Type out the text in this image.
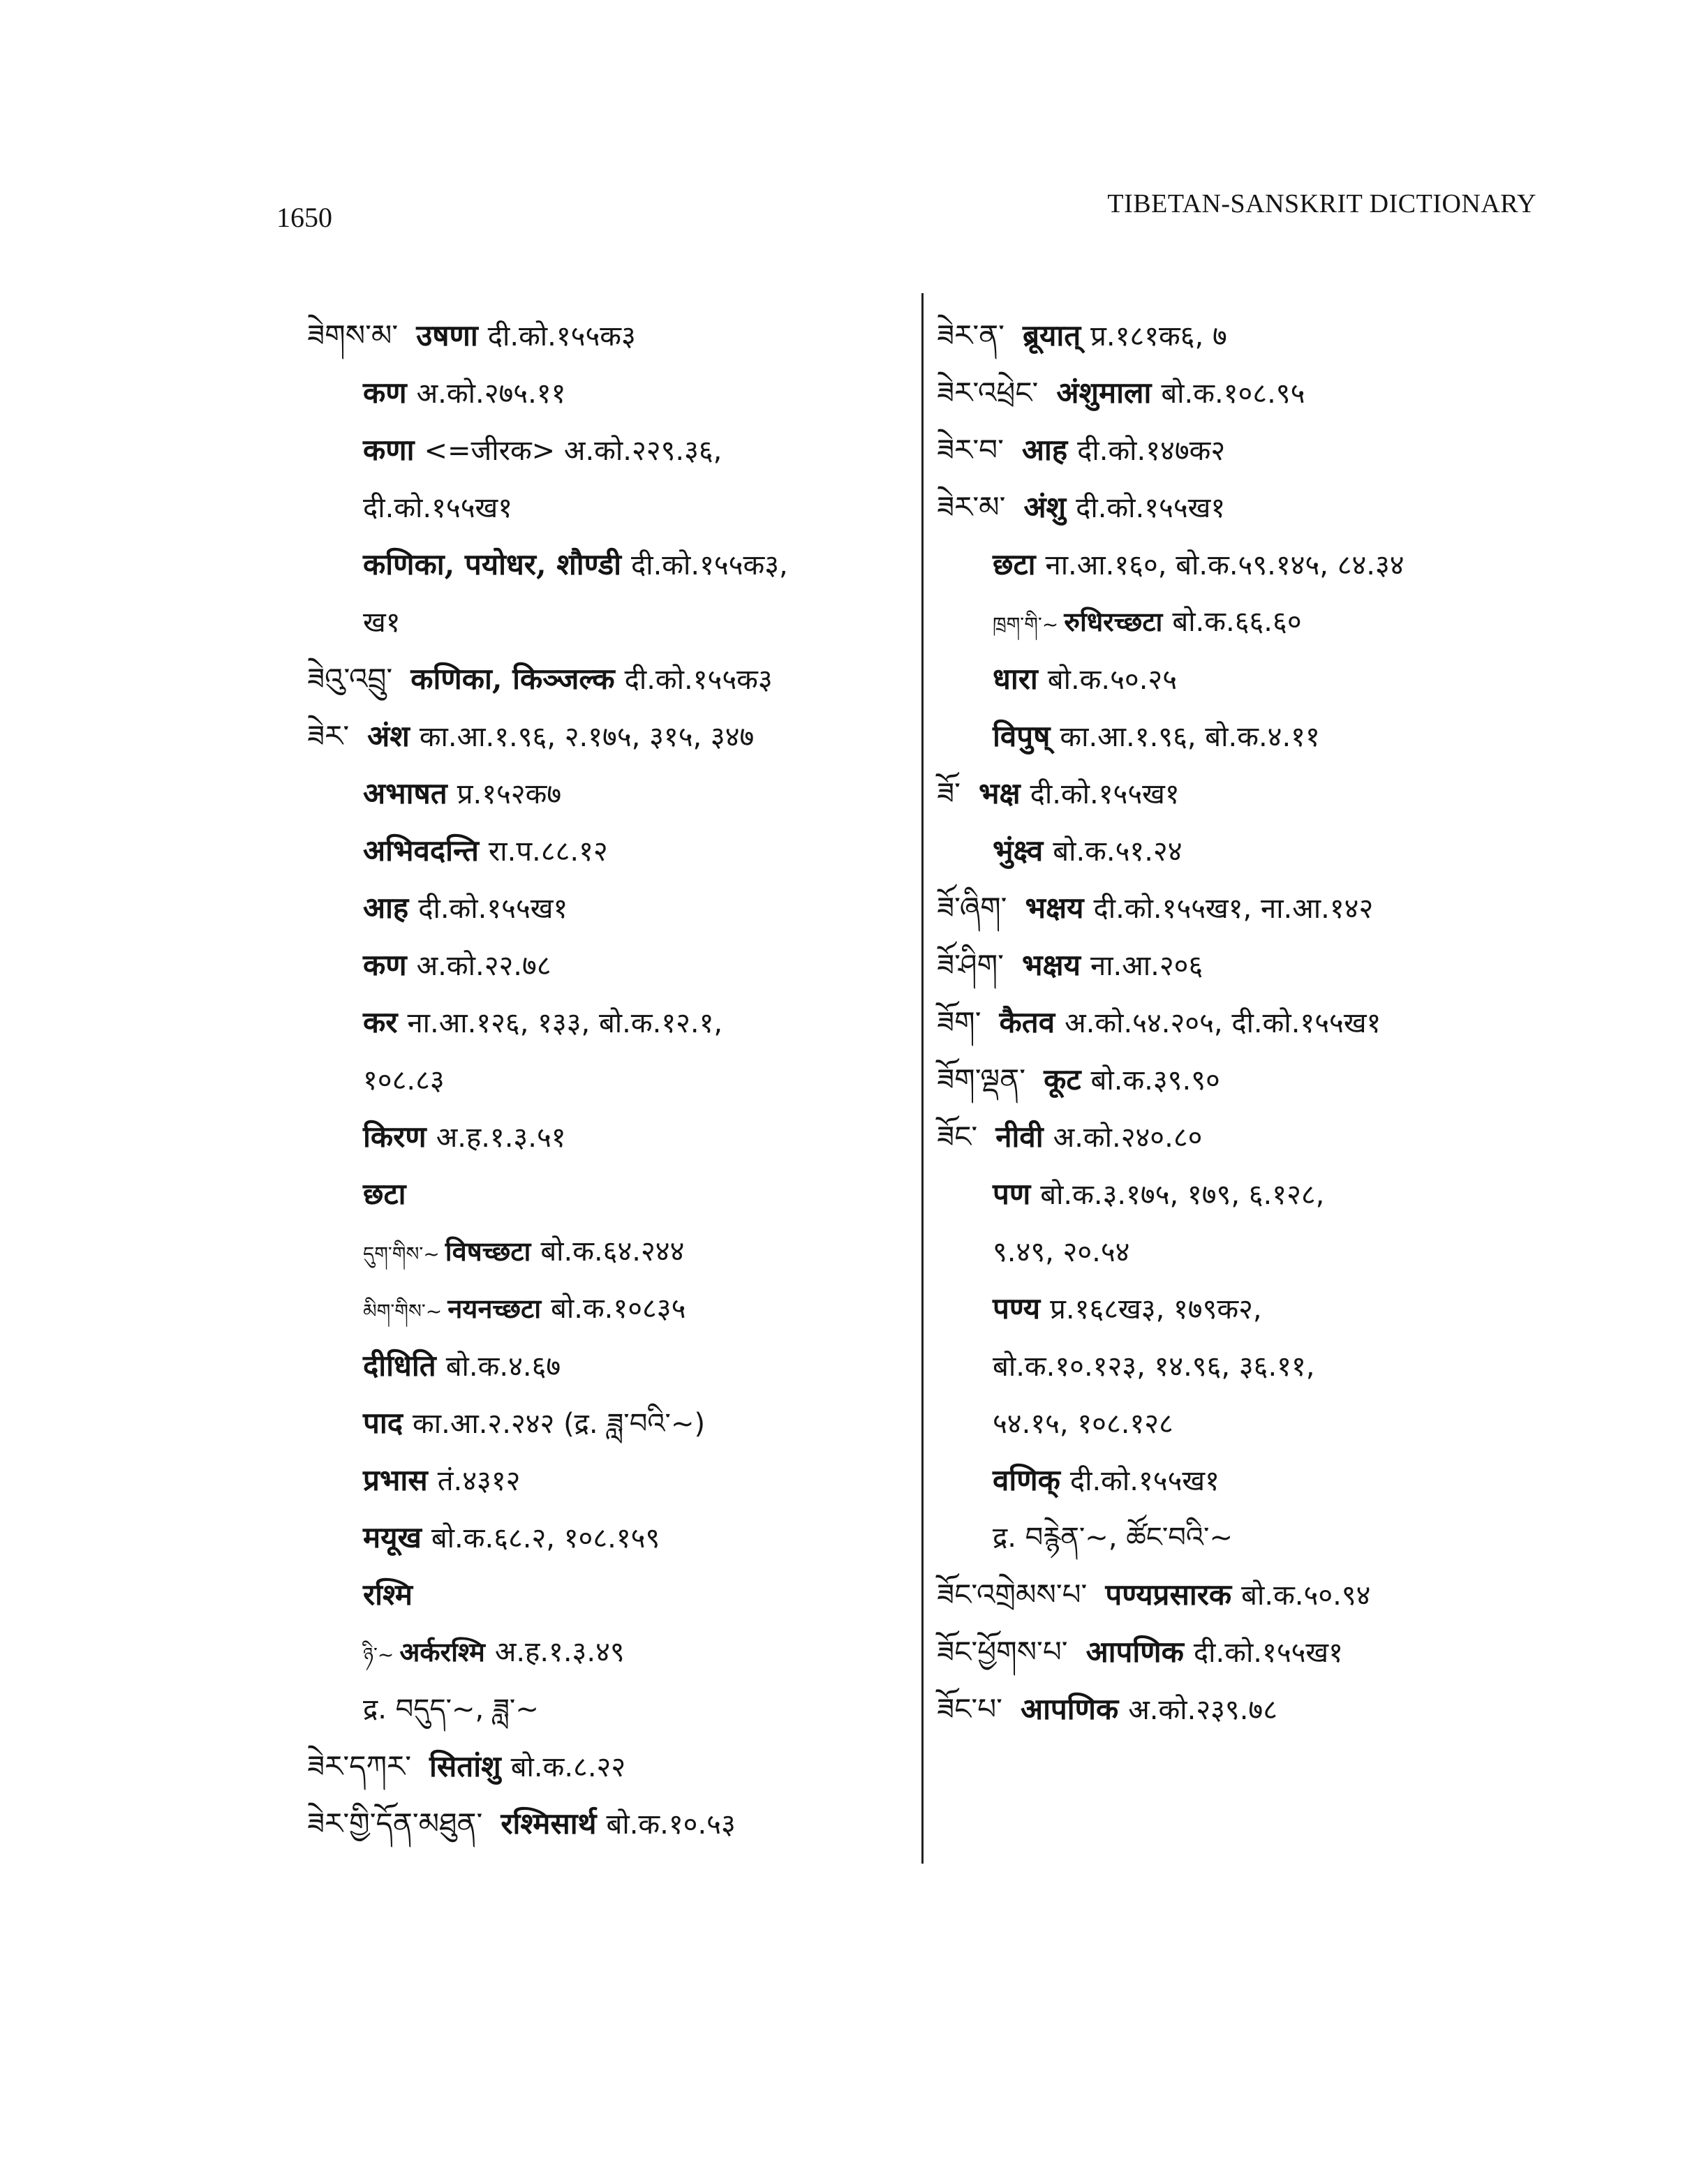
1650	TIBETAN-SANSKRIT DICTIONARY
ཟེགས་མ་ उषणा दी.को.१५५क३
कण अ.को.२७५.११
कणा <=जीरक> अ.को.२२९.३६,
दी.को.१५५ख१
कणिका, पयोधर, शौण्डी दी.को.१५५क३,
ख१
ཟེའུ་འབྲུ་ कणिका, किञ्जल्क दी.को.१५५क३
ཟེར་ अंश का.आ.१.९६, २.१७५, ३१५, ३४७
अभाषत प्र.१५२क७
अभिवदन्ति रा.प.८८.१२
आह दी.को.१५५ख१
कण अ.को.२२.७८
कर ना.आ.१२६, १३३, बो.क.१२.१,
१०८.८३
किरण अ.ह.१.३.५१
छटा
དུག་གིས་~ विषच्छटा बो.क.६४.२४४
མིག་གིས་~ नयनच्छटा बो.क.१०८३५
दीधिति बो.क.४.६७
पाद का.आ.२.२४२ (द्र. ཟླ་བའི་~)
प्रभास तं.४३१२
मयूख बो.क.६८.२, १०८.१५९
रश्मि
ཉི་~ अर्करश्मि अ.ह.१.३.४९
द्र. བདུད་~, ཟླ་~
ཟེར་དཀར་ सितांशु बो.क.८.२२
ཟེར་གྱི་དོན་མཐུན་ रश्मिसार्थ बो.क.१०.५३
ཟེར་ན་ ब्रूयात् प्र.१८१क६, ७
ཟེར་འཕྲེང་ अंशुमाला बो.क.१०८.९५
ཟེར་བ་ आह दी.को.१४७क२
ཟེར་མ་ अंशु दी.को.१५५ख१
छटा ना.आ.१६०, बो.क.५९.१४५, ८४.३४
ཁྲག་གི་~ रुधिरच्छटा बो.क.६६.६०
धारा बो.क.५०.२५
विपुष् का.आ.१.९६, बो.क.४.११
ཟོ་ भक्ष दी.को.१५५ख१
भुंक्ष्व बो.क.५१.२४
ཟོ་ཞིག་ भक्षय दी.को.१५५ख१, ना.आ.१४२
ཟོ་ཤིག་ भक्षय ना.आ.२०६
ཟོག་ कैतव अ.को.५४.२०५, दी.को.१५५ख१
ཟོག་ལྡན་ कूट बो.क.३९.९०
ཟོང་ नीवी अ.को.२४०.८०
पण बो.क.३.१७५, १७९, ६.१२८,
९.४९, २०.५४
पण्य प्र.१६८ख३, १७९क२,
बो.क.१०.१२३, १४.९६, ३६.११,
५४.१५, १०८.१२८
वणिक् दी.को.१५५ख१
द्र. བརྙེན་~, ཚོང་བའི་~
ཟོང་འགྲེམས་པ་ पण्यप्रसारक बो.क.५०.९४
ཟོང་ཕྱོགས་པ་ आपणिक दी.को.१५५ख१
ཟོང་པ་ आपणिक अ.को.२३९.७८
